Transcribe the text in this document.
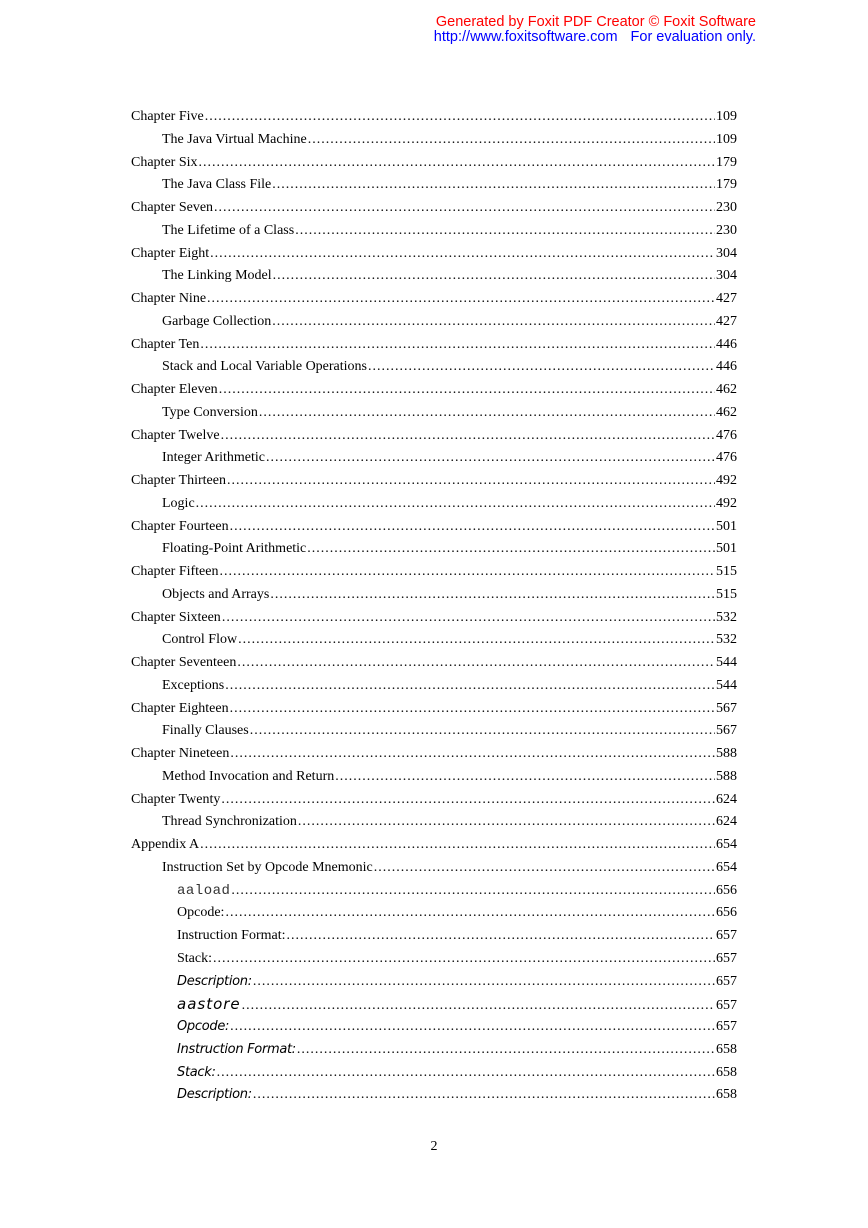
Generated by Foxit PDF Creator © Foxit Software
http://www.foxitsoftware.com For evaluation only.
Chapter Five .....	109
The Java Virtual Machine .....	109
Chapter Six .....	179
The Java Class File .....	179
Chapter Seven .....	230
The Lifetime of a Class .....	230
Chapter Eight .....	304
The Linking Model .....	304
Chapter Nine .....	427
Garbage Collection .....	427
Chapter Ten .....	446
Stack and Local Variable Operations .....	446
Chapter Eleven .....	462
Type Conversion .....	462
Chapter Twelve .....	476
Integer Arithmetic .....	476
Chapter Thirteen .....	492
Logic .....	492
Chapter Fourteen .....	501
Floating-Point Arithmetic .....	501
Chapter Fifteen .....	515
Objects and Arrays .....	515
Chapter Sixteen .....	532
Control Flow .....	532
Chapter Seventeen .....	544
Exceptions .....	544
Chapter Eighteen .....	567
Finally Clauses .....	567
Chapter Nineteen .....	588
Method Invocation and Return .....	588
Chapter Twenty .....	624
Thread Synchronization .....	624
Appendix A .....	654
Instruction Set by Opcode Mnemonic .....	654
aaload .....	656
Opcode: .....	656
Instruction Format: .....	657
Stack: .....	657
Description: .....	657
aastore .....	657
Opcode: .....	657
Instruction Format: .....	658
Stack: .....	658
Description: .....	658
2
